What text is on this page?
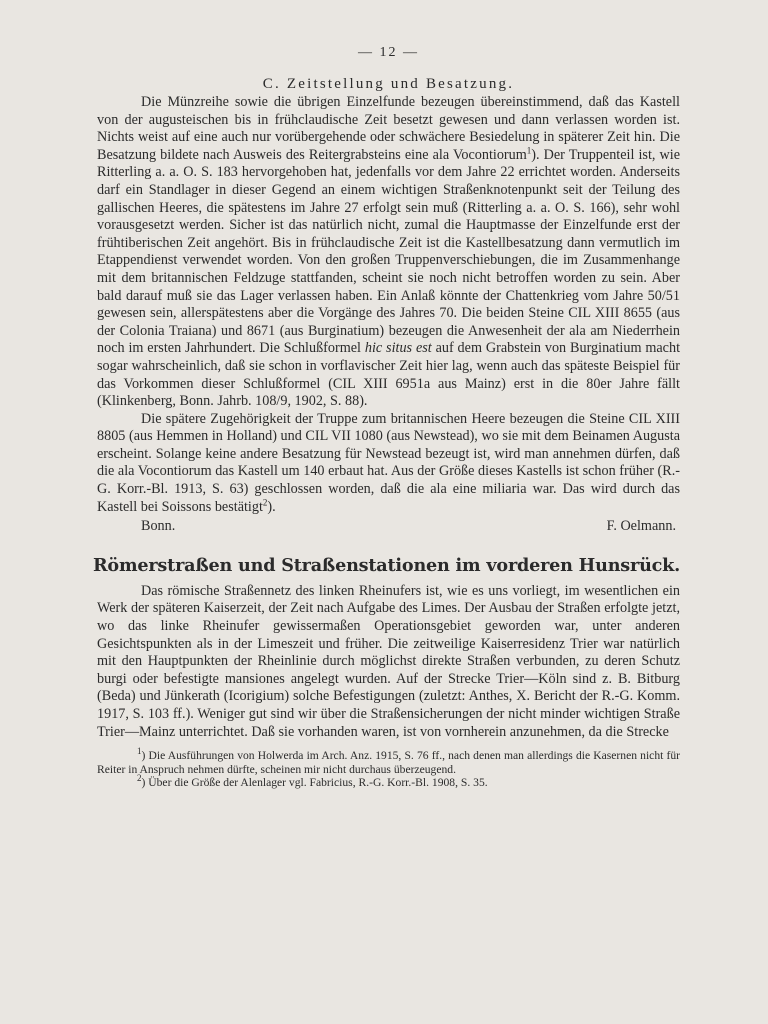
— 12 —
C. Zeitstellung und Besatzung.

Die Münzreihe sowie die übrigen Einzelfunde bezeugen übereinstimmend, daß das Kastell von der augusteischen bis in frühclaudische Zeit besetzt gewesen und dann verlassen worden ist. Nichts weist auf eine auch nur vorübergehende oder schwächere Besiedelung in späterer Zeit hin. Die Besatzung bildete nach Ausweis des Reitergrabsteins eine ala Vocontiorum$^1$). Der Truppenteil ist, wie Ritterling a. a. O. S. 183 hervorgehoben hat, jedenfalls vor dem Jahre 22 errichtet worden. Anderseits darf ein Standlager in dieser Gegend an einem wichtigen Straßenknotenpunkt seit der Teilung des gallischen Heeres, die spätestens im Jahre 27 erfolgt sein muß (Ritterling a. a. O. S. 166), sehr wohl vorausgesetzt werden. Sicher ist das natürlich nicht, zumal die Hauptmasse der Einzelfunde erst der frühtiberischen Zeit angehört. Bis in frühclaudische Zeit ist die Kastellbesatzung dann vermutlich im Etappendienst verwendet worden. Von den großen Truppenverschiebungen, die im Zusammenhange mit dem britannischen Feldzuge stattfanden, scheint sie noch nicht betroffen worden zu sein. Aber bald darauf muß sie das Lager verlassen haben. Ein Anlaß könnte der Chattenkrieg vom Jahre 50/51 gewesen sein, allerspätestens aber die Vorgänge des Jahres 70. Die beiden Steine CIL XIII 8655 (aus der Colonia Traiana) und 8671 (aus Burginatium) bezeugen die Anwesenheit der ala am Niederrhein noch im ersten Jahrhundert. Die Schlußformel hic situs est auf dem Grabstein von Burginatium macht sogar wahrscheinlich, daß sie schon in vorflavischer Zeit hier lag, wenn auch das späteste Beispiel für das Vorkommen dieser Schlußformel (CIL XIII 6951a aus Mainz) erst in die 80er Jahre fällt (Klinkenberg, Bonn. Jahrb. 108/9, 1902, S. 88).

Die spätere Zugehörigkeit der Truppe zum britannischen Heere bezeugen die Steine CIL XIII 8805 (aus Hemmen in Holland) und CIL VII 1080 (aus Newstead), wo sie mit dem Beinamen Augusta erscheint. Solange keine andere Besatzung für Newstead bezeugt ist, wird man annehmen dürfen, daß die ala Vocontiorum das Kastell um 140 erbaut hat. Aus der Größe dieses Kastells ist schon früher (R.-G. Korr.-Bl. 1913, S. 63) geschlossen worden, daß die ala eine miliaria war. Das wird durch das Kastell bei Soissons bestätigt$^2$).

Bonn.	F. Oelmann.
Römerstraßen und Straßenstationen im vorderen Hunsrück.

Das römische Straßennetz des linken Rheinufers ist, wie es uns vorliegt, im wesentlichen ein Werk der späteren Kaiserzeit, der Zeit nach Aufgabe des Limes. Der Ausbau der Straßen erfolgte jetzt, wo das linke Rheinufer gewissermaßen Operationsgebiet geworden war, unter anderen Gesichtspunkten als in der Limeszeit und früher. Die zeitweilige Kaiserresidenz Trier war natürlich mit den Hauptpunkten der Rheinlinie durch möglichst direkte Straßen verbunden, zu deren Schutz burgi oder befestigte mansiones angelegt wurden. Auf der Strecke Trier—Köln sind z. B. Bitburg (Beda) und Jünkerath (Icorigium) solche Befestigungen (zuletzt: Anthes, X. Bericht der R.-G. Komm. 1917, S. 103 ff.). Weniger gut sind wir über die Straßensicherungen der nicht minder wichtigen Straße Trier—Mainz unterrichtet. Daß sie vorhanden waren, ist von vornherein anzunehmen, da die Strecke

$^1$) Die Ausführungen von Holwerda im Arch. Anz. 1915, S. 76 ff., nach denen man allerdings die Kasernen nicht für Reiter in Anspruch nehmen dürfte, scheinen mir nicht durchaus überzeugend.

$^2$) Über die Größe der Alenlager vgl. Fabricius, R.-G. Korr.-Bl. 1908, S. 35.
